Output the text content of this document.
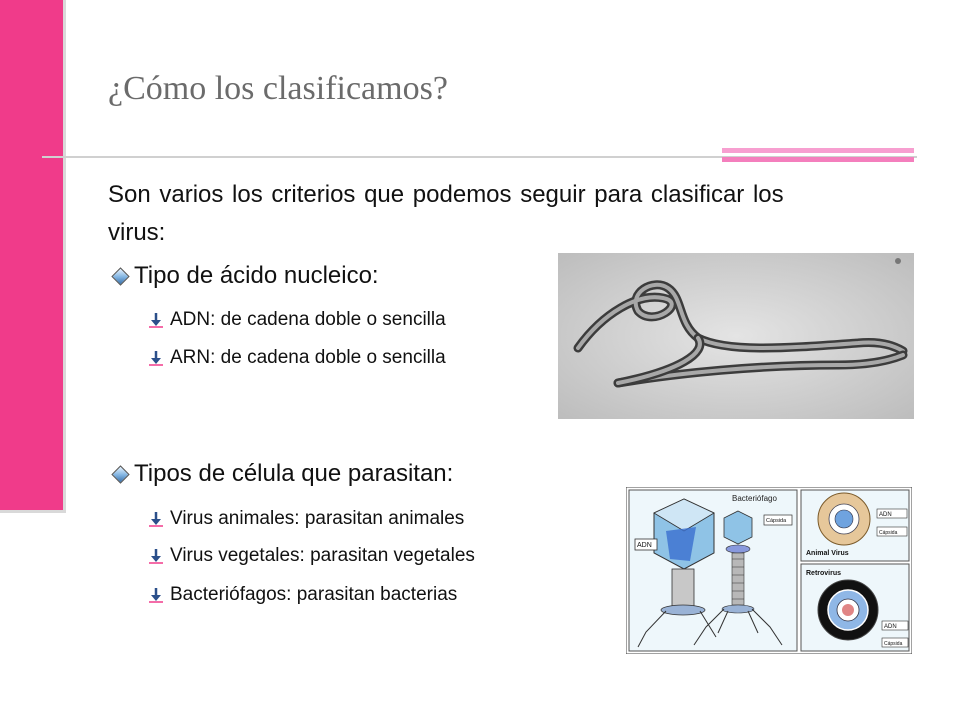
¿Cómo los clasificamos?
Son varios los criterios que podemos seguir para clasificar los virus:
Tipo de ácido nucleico:
ADN: de cadena doble o sencilla
ARN: de cadena doble o sencilla
Tipos de célula que parasitan:
Virus animales: parasitan animales
Virus vegetales: parasitan vegetales
Bacteriófagos: parasitan bacterias
Bacteriófago
ADN
Cápsida
ADN
Cápsida
Animal Virus
Retrovirus
ADN
Cápsida
